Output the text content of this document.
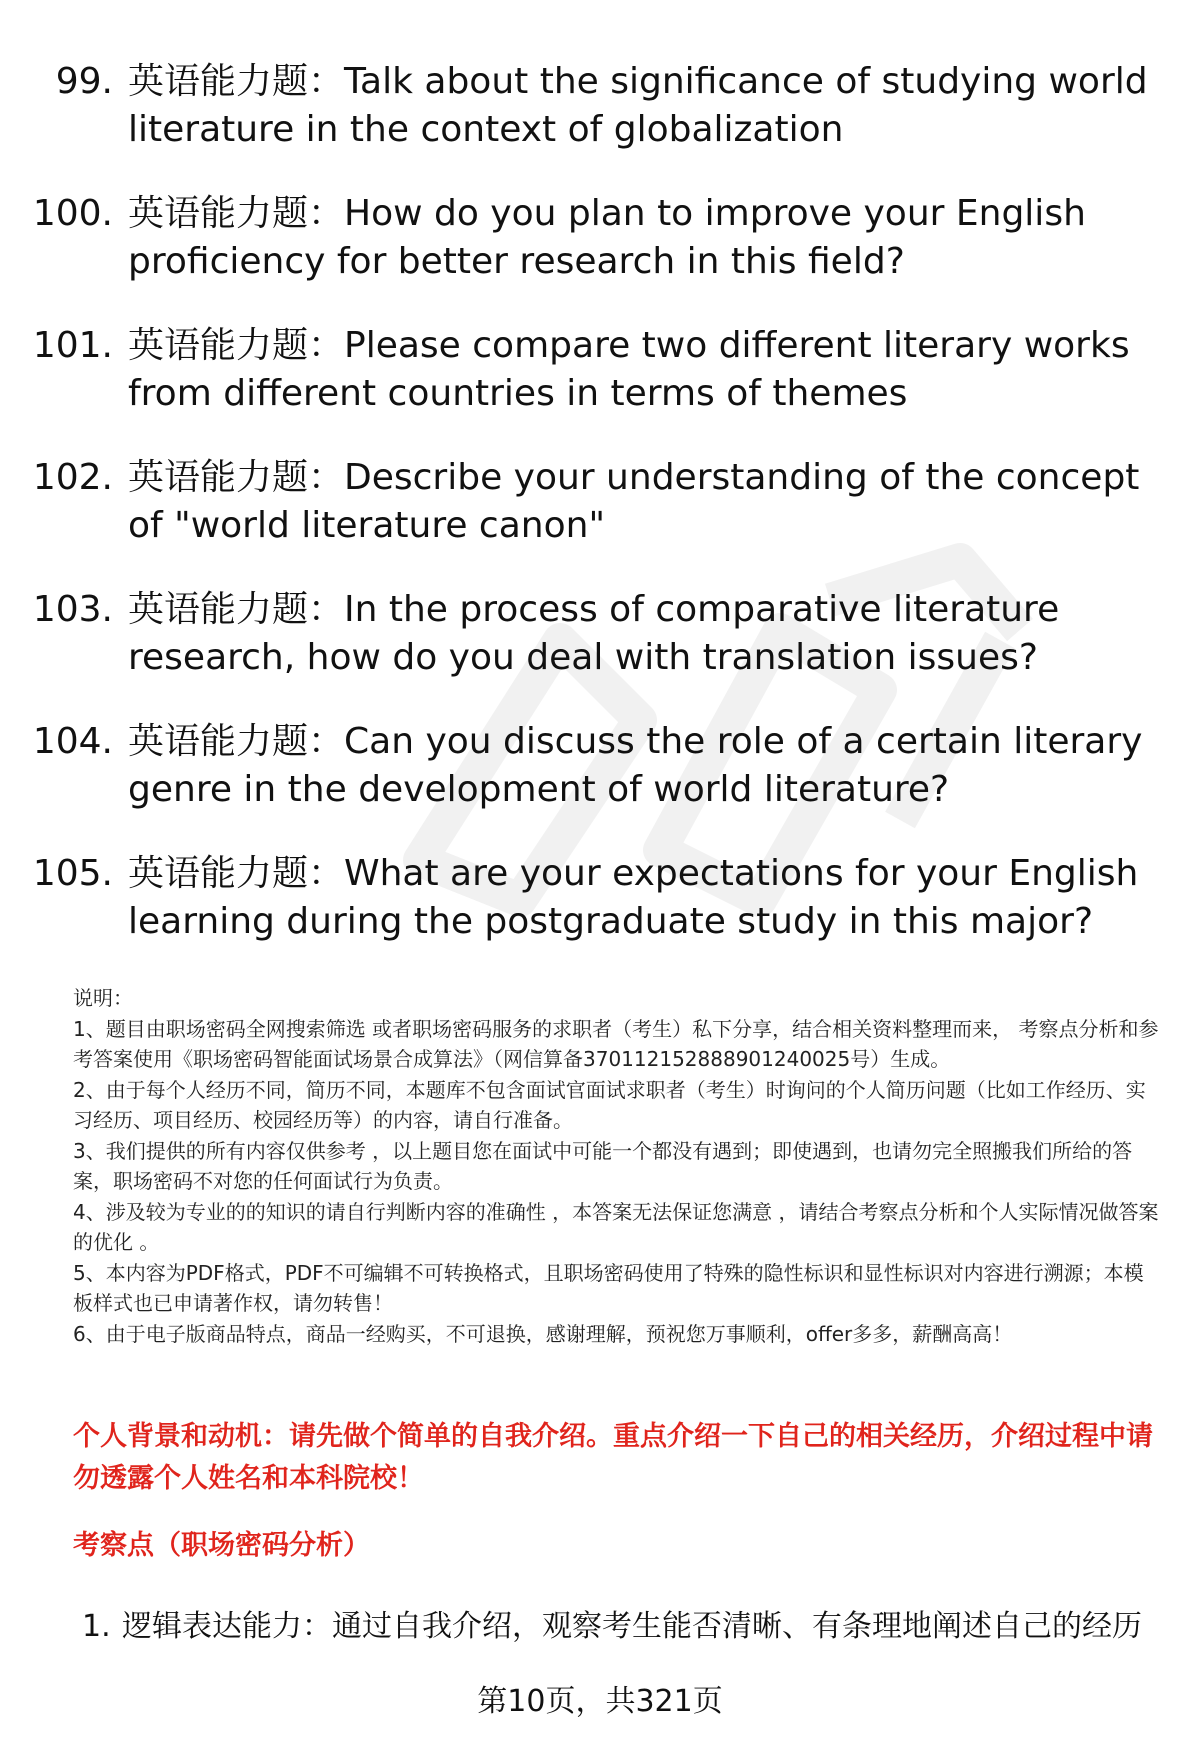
99. 英语能力题：Talk about the significance of studying world literature in the context of globalization
100. 英语能力题：How do you plan to improve your English proficiency for better research in this field?
101. 英语能力题：Please compare two different literary works from different countries in terms of themes
102. 英语能力题：Describe your understanding of the concept of "world literature canon"
103. 英语能力题：In the process of comparative literature research, how do you deal with translation issues?
104. 英语能力题：Can you discuss the role of a certain literary genre in the development of world literature?
105. 英语能力题：What are your expectations for your English learning during the postgraduate study in this major?

说明：

1、题目由职场密码全网搜索筛选 或者职场密码服务的求职者（考生）私下分享，结合相关资料整理而来， 考察点分析和参考答案使用《职场密码智能面试场景合成算法》（网信算备370112152888901240025号）生成。

2、由于每个人经历不同，简历不同，本题库不包含面试官面试求职者（考生）时询问的个人简历问题（比如工作经历、实习经历、项目经历、校园经历等）的内容，请自行准备。

3、我们提供的所有内容仅供参考 ，以上题目您在面试中可能一个都没有遇到；即使遇到，也请勿完全照搬我们所给的答案，职场密码不对您的任何面试行为负责。

4、涉及较为专业的的知识的请自行判断内容的准确性 ，本答案无法保证您满意 ，请结合考察点分析和个人实际情况做答案的优化 。

5、本内容为PDF格式，PDF不可编辑不可转换格式，且职场密码使用了特殊的隐性标识和显性标识对内容进行溯源；本模板样式也已申请著作权，请勿转售！

6、由于电子版商品特点，商品一经购买，不可退换，感谢理解，预祝您万事顺利，offer多多，薪酬高高！

个人背景和动机：请先做个简单的自我介绍。重点介绍一下自己的相关经历，介绍过程中请勿透露个人姓名和本科院校！
考察点（职场密码分析）
1. 逻辑表达能力：通过自我介绍，观察考生能否清晰、有条理地阐述自己的经历
第10页，共321页
